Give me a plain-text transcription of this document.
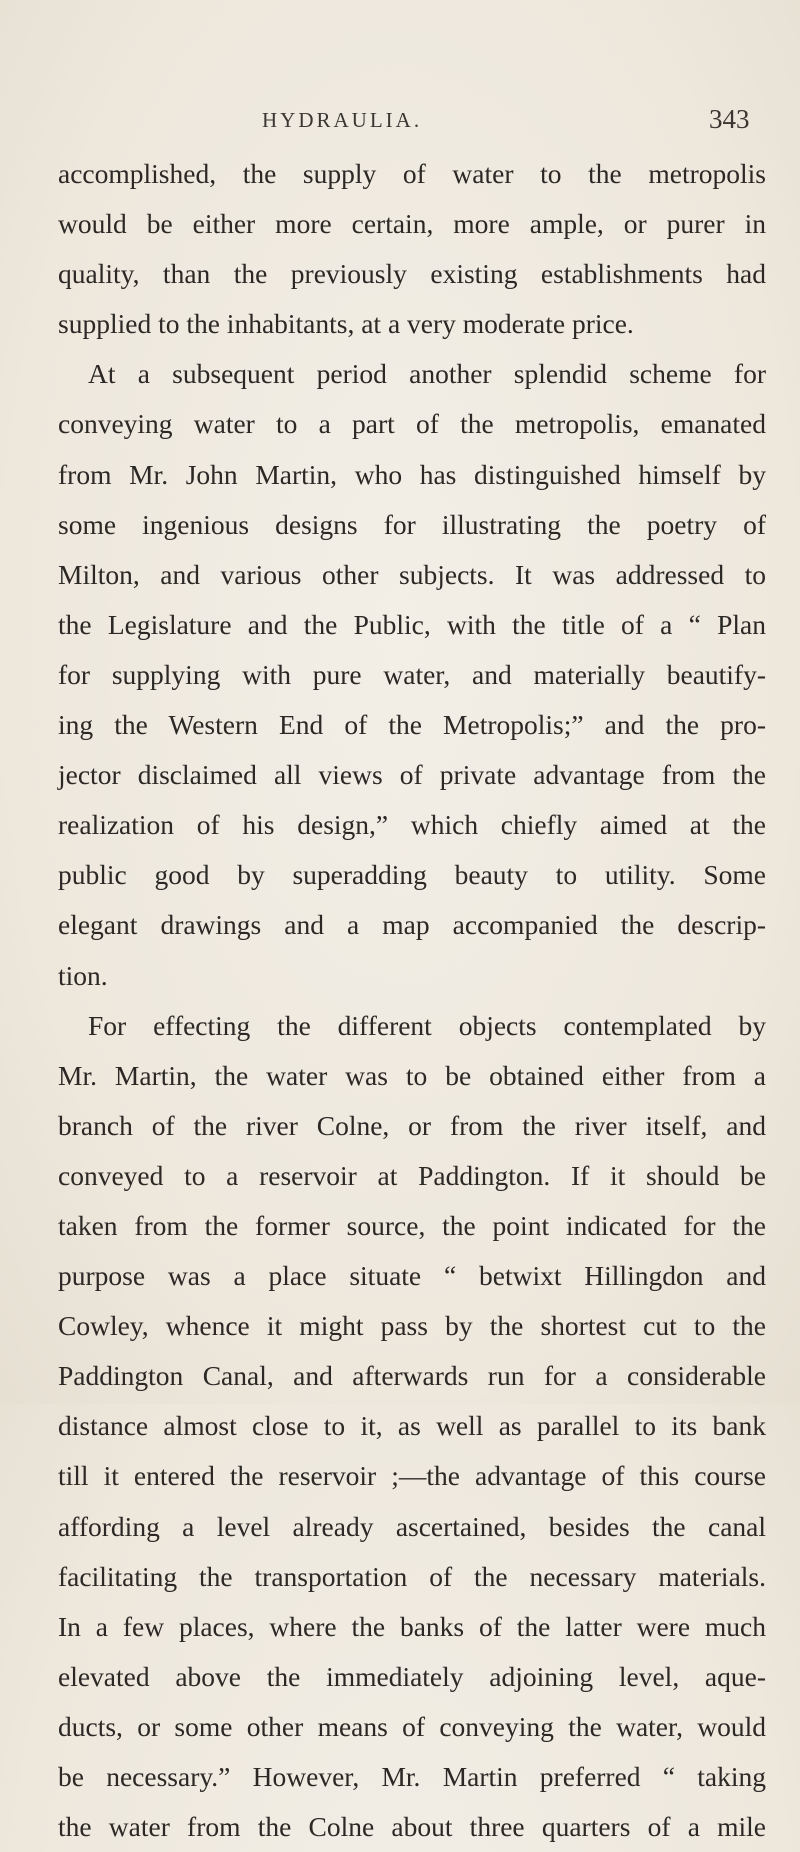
HYDRAULIA.	343
accomplished, the supply of water to the metropolis
would be either more certain, more ample, or purer in
quality, than the previously existing establishments had
supplied to the inhabitants, at a very moderate price.
At a subsequent period another splendid scheme for
conveying water to a part of the metropolis, emanated
from Mr. John Martin, who has distinguished himself by
some ingenious designs for illustrating the poetry of
Milton, and various other subjects. It was addressed to
the Legislature and the Public, with the title of a “ Plan
for supplying with pure water, and materially beautify-
ing the Western End of the Metropolis;” and the pro-
jector disclaimed all views of private advantage from the
realization of his design,” which chiefly aimed at the
public good by superadding beauty to utility. Some
elegant drawings and a map accompanied the descrip-
tion.
For effecting the different objects contemplated by
Mr. Martin, the water was to be obtained either from a
branch of the river Colne, or from the river itself, and
conveyed to a reservoir at Paddington. If it should be
taken from the former source, the point indicated for the
purpose was a place situate “ betwixt Hillingdon and
Cowley, whence it might pass by the shortest cut to the
Paddington Canal, and afterwards run for a considerable
distance almost close to it, as well as parallel to its bank
till it entered the reservoir ;—the advantage of this course
affording a level already ascertained, besides the canal
facilitating the transportation of the necessary materials.
In a few places, where the banks of the latter were much
elevated above the immediately adjoining level, aque-
ducts, or some other means of conveying the water, would
be necessary.” However, Mr. Martin preferred “ taking
the water from the Colne about three quarters of a mile
